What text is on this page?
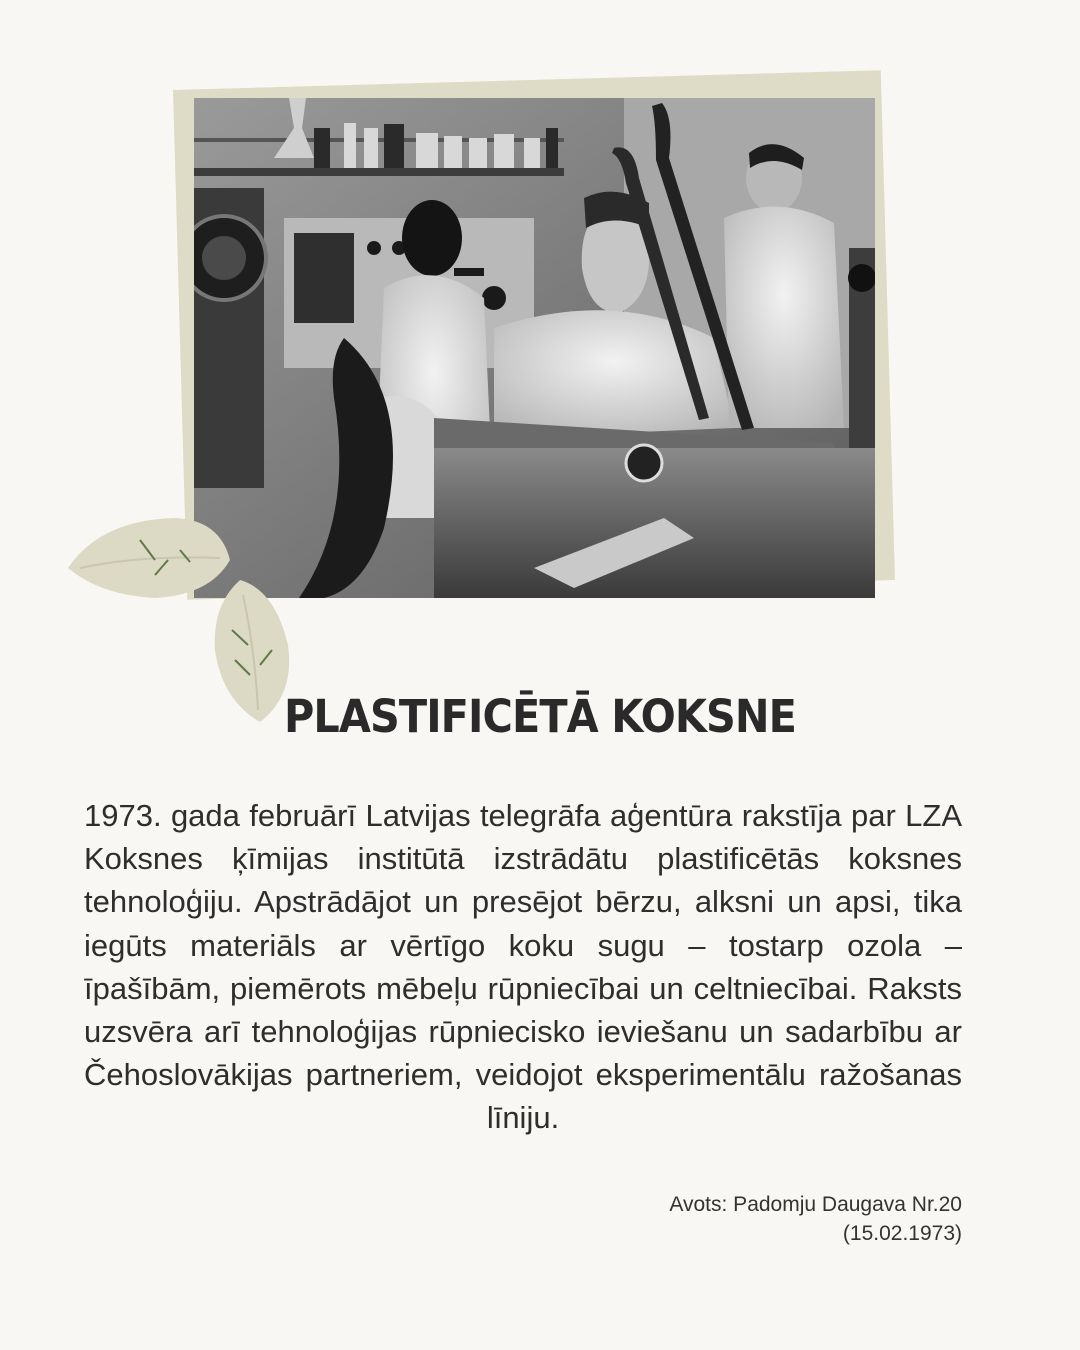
PLASTIFICĒTĀ KOKSNE

1973. gada februārī Latvijas telegrāfa aģentūra rakstīja par LZA Koksnes ķīmijas institūtā izstrādātu plastificētās koksnes tehnoloģiju. Apstrādājot un presējot bērzu, alksni un apsi, tika iegūts materiāls ar vērtīgo koku sugu – tostarp ozola – īpašībām, piemērots mēbeļu rūpniecībai un celtniecībai. Raksts uzsvēra arī tehnoloģijas rūpniecisko ieviešanu un sadarbību ar Čehoslovākijas partneriem, veidojot eksperimentālu ražošanas līniju.

Avots: Padomju Daugava Nr.20
(15.02.1973)
